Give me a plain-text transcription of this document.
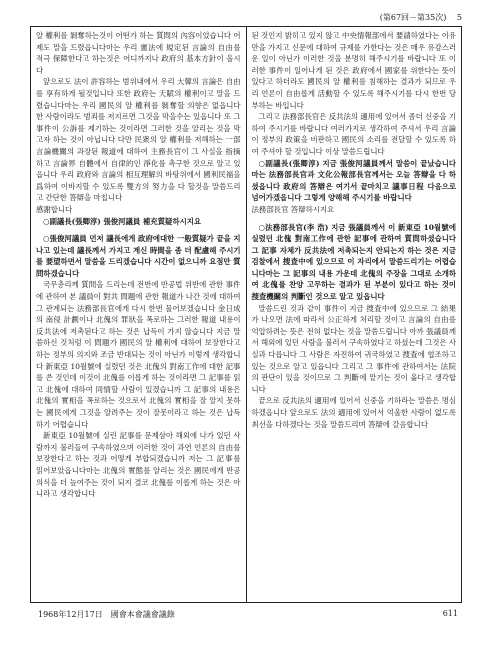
(第67回－第35次) 5

알 權利를 剝奪하는것이 어떤가 하는 質問의 內容이었습니다 어제도 말을 드렸읍니다마는 우리 憲法에 規定된 言論의 自由를 적극 保障한다고 하는것은 어디까지나 政府의 基本方針이 올시다

앞으로도 法이 許容하는 범위내에서 우리 大韓의 言論은 自由를 享有하게 될것입니다 또한 政府는 天賦의 權利이고 말을 드렸습니다마는 우리 國民의 알 權利를 剝奪할 의향은 없읍니다 한 사람이라도 범죄를 저지르면 그것을 막을수는 있읍니다 또 그 事件이 公訴를 제기하는 것이라면 그러한 것을 알리는 것을 막고자 하는 것이 아닙니다 다만 民衆의 알 權利를 저해하는 一部 言論機關의 과장된 報道에 대하여 主務長官이 그 사실을 指摘하고 言論界 自體에서 自律的인 淨化를 촉구한 것으로 알고 있읍니다 우리 政府와 言論의 相互理解의 바탕위에서 國利民福을 爲하여 이바지할 수 있도록 雙方의 努力을 다 할것을 말씀드리고 간단한 答辯을 마칩니다

感謝합니다

○副議長(張卿淳) 張俊河議員 補充質疑하시지요

○張俊河議員 먼저 議長에게 政府에대한 一般質疑가 끝을 지나고 있는데 議長께서 가지고 계신 時間을 좀 더 配慮해 주시기를 要望하면서 말씀을 드리겠습니다 시간이 없으니까 요점만 質問하겠습니다

국무총리께 質問을 드리는데 전번에 반공법 위반에 관한 事件에 관하여 본 議員이 對共 問題에 관한 報道가 나간 것에 대하여 그 관계되는 法務部長官에게 다시 한번 물어보겠습니다 金日成의 南侵 計劃이나 北傀의 罪狀을 폭로하는 그러한 報道 내용이 反共法에 저촉된다고 하는 것은 납득이 가지 않습니다 지금 말씀하신 것처럼 이 問題가 國民의 알 權利에 대하여 보장한다고 하는 정부의 의지와 조금 반대되는 것이 아닌가 이렇게 생각합니다 新東亞 10월號에 실렸던 것은 北傀의 對南工作에 대한 記事를 쓴 것인데 이것이 北傀를 이롭게 하는 것이라면 그 記事를 읽고 北傀에 대하여 同情할 사람이 있겠습니까 그 記事의 내용은 北傀의 實相을 폭로하는 것으로서 北傀의 實相을 잘 알지 못하는 國民에게 그것을 알려주는 것이 잘못이라고 하는 것은 납득하기 어렵습니다

新東亞 10월號에 실린 記事를 문제삼아 해외에 나가 있던 사람까지 불러들여 구속하였으며 이러한 것이 과연 언론의 自由를 보장한다고 하는 것과 어떻게 부합되겠습니까 저는 그 記事를 읽어보았읍니다마는 北傀의 實態를 알리는 것은 國民에게 반공의식을 더 높여주는 것이 되지 결코 北傀를 이롭게 하는 것은 아니라고 생각합니다

된 것인지 밝히고 있지 않고 中央情報部에서 要請하였다는 이유만을 가지고 신문에 대하여 규제를 가한다는 것은 매우 유감스러운 일이 아닌가 이러한 것을 분명히 해주시기를 바랍니다 또 이러한 事件이 일어나게 된 것은 政府에서 國家를 위한다는 뜻이 있다고 하더라도 國民의 알 權利를 침해하는 결과가 되므로 우리 언론이 自由롭게 活動할 수 있도록 해주시기를 다시 한번 당부하는 바입니다

그리고 法務部長官은 反共法의 適用에 있어서 좀더 신중을 기하여 주시기를 바랍니다 여러가지로 생각하여 주셔서 우리 言論이 정부의 政策을 비판하고 國民의 소리를 전달할 수 있도록 하여 주셔야 할 것입니다 이상 말씀드립니다

○副議長(張卿淳) 지금 張俊河議員께서 말씀이 끝났습니다마는 法務部長官과 文化公報部長官께서는 오늘 答辯을 다 하셨읍니다 政府의 答辯은 여기서 끝마치고 議事日程 다음으로 넘어가겠읍니다 그렇게 양해해 주시기를 바랍니다

法務部長官 答辯하시지요

○法務部長官(李 浩) 지금 張議員께서 이 新東亞 10월號에 실렸던 北傀 對南工作에 관한 記事에 관하여 質問하셨습니다 그 記事 자체가 反共法에 저촉되는지 안되는지 하는 것은 지금 검찰에서 捜査中에 있으므로 이 자리에서 말씀드리기는 어렵습니다마는 그 記事의 내용 가운데 北傀의 주장을 그대로 소개하여 北傀를 찬양 고무하는 결과가 된 부분이 있다고 하는 것이 捜査機關의 判斷인 것으로 알고 있읍니다

말씀드린 것과 같이 事件이 지금 捜査中에 있으므로 그 結果가 나오면 法에 따라서 公正하게 처리할 것이고 言論의 自由를 억압하려는 뜻은 전혀 없다는 것을 말씀드립니다 아까 張議員께서 해외에 있던 사람을 불러서 구속하였다고 하셨는데 그것은 사실과 다릅니다 그 사람은 자진하여 귀국하였고 捜査에 협조하고 있는 것으로 알고 있읍니다 그리고 그 事件에 관하여서는 法院의 판단이 있을 것이므로 그 判斷에 맡기는 것이 옳다고 생각합니다

끝으로 反共法의 適用에 있어서 신중을 기하라는 말씀은 명심하겠읍니다 앞으로도 法의 適用에 있어서 억울한 사람이 없도록 최선을 다하겠다는 것을 말씀드리며 答辯에 갈음합니다

1968年12月17日　國會本會議會議錄	611
